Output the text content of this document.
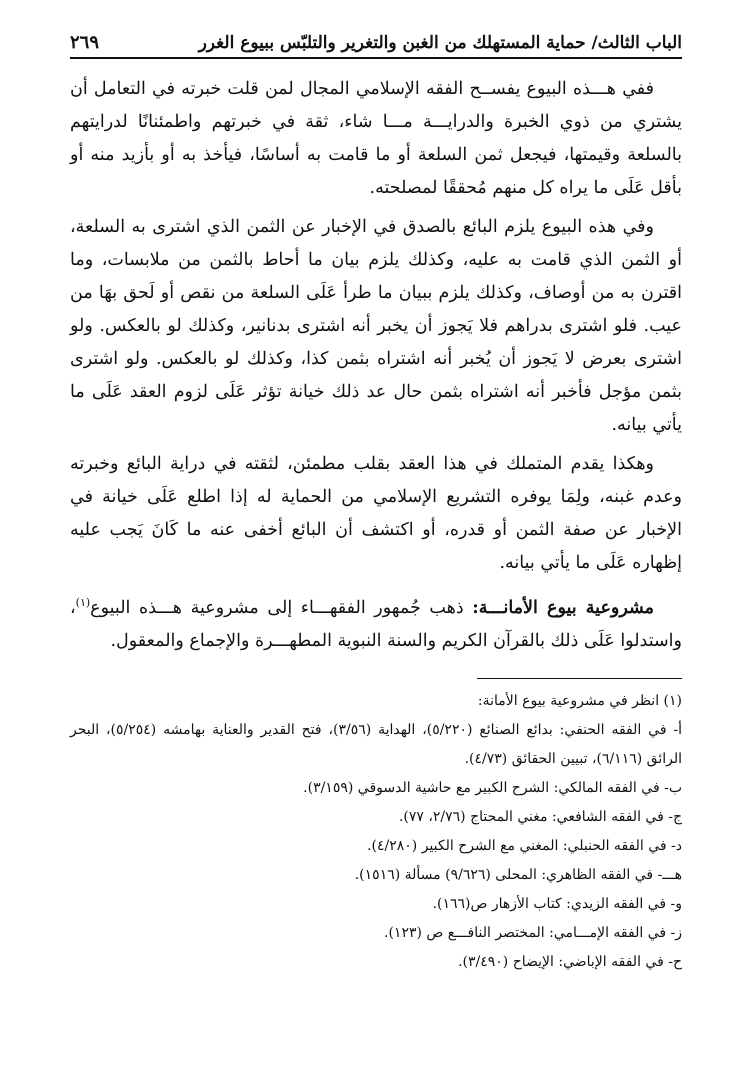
الباب الثالث/ حماية المستهلك من الغبن والتغرير والتلبّس ببيوع الغرر
٢٦٩

ففي هـــذه البيوع يفســح الفقه الإسلامي المجال لمن قلت خبرته في التعامل أن يشتري من ذوي الخبرة والدرايـــة مـــا شاء، ثقة في خبرتهم واطمئنانًا لدرايتهم بالسلعة وقيمتها، فيجعل ثمن السلعة أو ما قامت به أساسًا، فيأخذ به أو بأزيد منه أو بأقل عَلَى ما يراه كل منهم مُحققًا لمصلحته.

وفي هذه البيوع يلزم البائع بالصدق في الإخبار عن الثمن الذي اشترى به السلعة، أو الثمن الذي قامت به عليه، وكذلك يلزم بيان ما أحاط بالثمن من ملابسات، وما اقترن به من أوصاف، وكذلك يلزم ببيان ما طرأ عَلَى السلعة من نقص أو لَحق بهَا من عيب. فلو اشترى بدراهم فلا يَجوز أن يخبر أنه اشترى بدنانير، وكذلك لو بالعكس. ولو اشترى بعرض لا يَجوز أن يُخبر أنه اشتراه بثمن كذا، وكذلك لو بالعكس. ولو اشترى بثمن مؤجل فأخبر أنه اشتراه بثمن حال عد ذلك خيانة تؤثر عَلَى لزوم العقد عَلَى ما يأتي بيانه.

وهكذا يقدم المتملك في هذا العقد بقلب مطمئن، لثقته في دراية البائع وخبرته وعدم غبنه، ولِمَا يوفره التشريع الإسلامي من الحماية له إذا اطلع عَلَى خيانة في الإخبار عن صفة الثمن أو قدره، أو اكتشف أن البائع أخفى عنه ما كَانَ يَجب عليه إظهاره عَلَى ما يأتي بيانه.

مشروعية بيوع الأمانـــة: ذهب جُمهور الفقهـــاء إلى مشروعية هـــذه البيوع$^{(١)}$، واستدلوا عَلَى ذلك بالقرآن الكريم والسنة النبوية المطهـــرة والإجماع والمعقول.

(١) انظر في مشروعية بيوع الأمانة:

أ- في الفقه الحنفي: بدائع الصنائع (٥/٢٢٠)، الهداية (٣/٥٦)، فتح القدير والعناية بهامشه (٥/٢٥٤)، البحر الرائق (٦/١١٦)، تبيين الحقائق (٤/٧٣).

ب- في الفقه المالكي: الشرح الكبير مع حاشية الدسوقي (٣/١٥٩).

ج- في الفقه الشافعي: مغني المحتاج (٢/٧٦، ٧٧).

د- في الفقه الحنبلي: المغني مع الشرح الكبير (٤/٢٨٠).

هـــ- في الفقه الظاهري: المحلى (٩/٦٢٦) مسألة (١٥١٦).

و- في الفقه الزيدي: كتاب الأزهار ص(١٦٦).

ز- في الفقه الإمـــامي: المختصر النافـــع ص (١٢٣).

ح- في الفقه الإباضي: الإيضاح (٣/٤٩٠).
